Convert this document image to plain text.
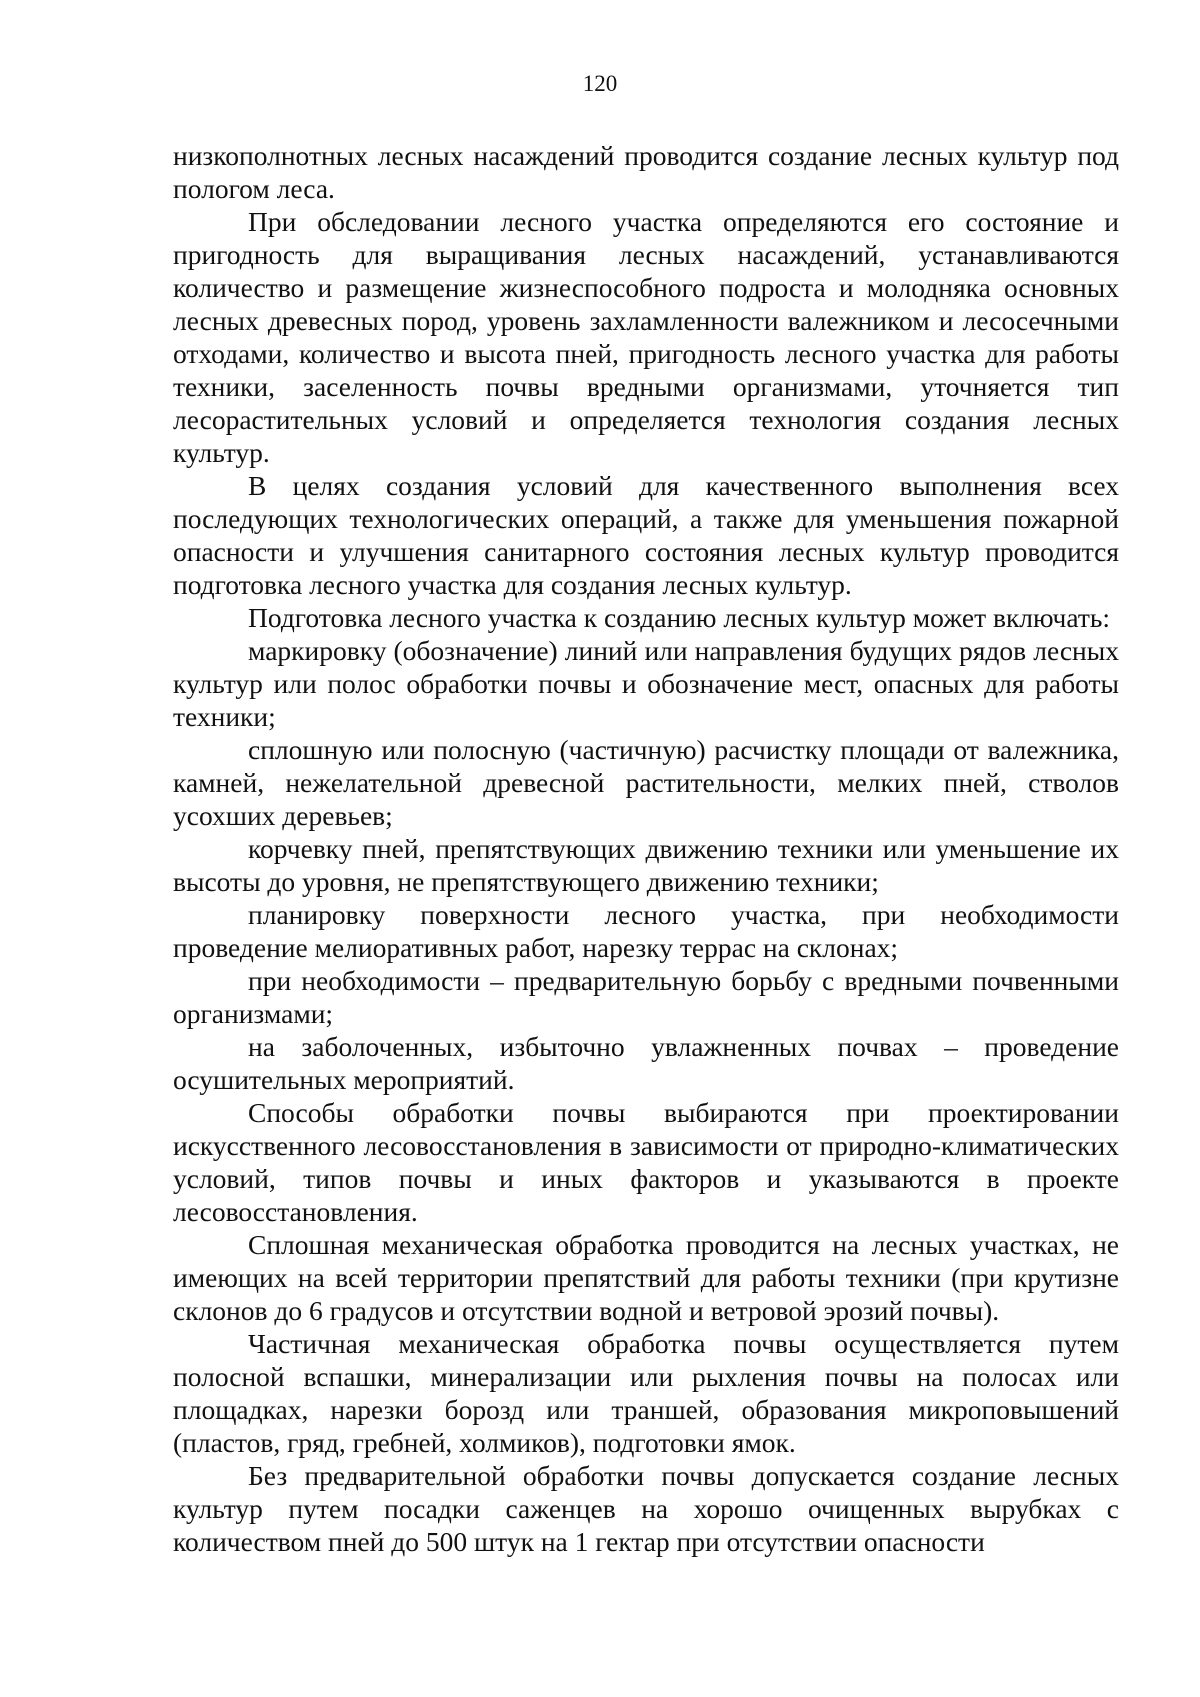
120

низкополнотных лесных насаждений проводится создание лесных культур под пологом леса.

При обследовании лесного участка определяются его состояние и пригодность для выращивания лесных насаждений, устанавливаются количество и размещение жизнеспособного подроста и молодняка основных лесных древесных пород, уровень захламленности валежником и лесосечными отходами, количество и высота пней, пригодность лесного участка для работы техники, заселенность почвы вредными организмами, уточняется тип лесорастительных условий и определяется технология создания лесных культур.

В целях создания условий для качественного выполнения всех последующих технологических операций, а также для уменьшения пожарной опасности и улучшения санитарного состояния лесных культур проводится подготовка лесного участка для создания лесных культур.

Подготовка лесного участка к созданию лесных культур может включать:

маркировку (обозначение) линий или направления будущих рядов лесных культур или полос обработки почвы и обозначение мест, опасных для работы техники;

сплошную или полосную (частичную) расчистку площади от валежника, камней, нежелательной древесной растительности, мелких пней, стволов усохших деревьев;

корчевку пней, препятствующих движению техники или уменьшение их высоты до уровня, не препятствующего движению техники;

планировку поверхности лесного участка, при необходимости проведение мелиоративных работ, нарезку террас на склонах;

при необходимости – предварительную борьбу с вредными почвенными организмами;

на заболоченных, избыточно увлажненных почвах – проведение осушительных мероприятий.

Способы обработки почвы выбираются при проектировании искусственного лесовосстановления в зависимости от природно-климатических условий, типов почвы и иных факторов и указываются в проекте лесовосстановления.

Сплошная механическая обработка проводится на лесных участках, не имеющих на всей территории препятствий для работы техники (при крутизне склонов до 6 градусов и отсутствии водной и ветровой эрозий почвы).

Частичная механическая обработка почвы осуществляется путем полосной вспашки, минерализации или рыхления почвы на полосах или площадках, нарезки борозд или траншей, образования микроповышений (пластов, гряд, гребней, холмиков), подготовки ямок.

Без предварительной обработки почвы допускается создание лесных культур путем посадки саженцев на хорошо очищенных вырубках с количеством пней до 500 штук на 1 гектар при отсутствии опасности
